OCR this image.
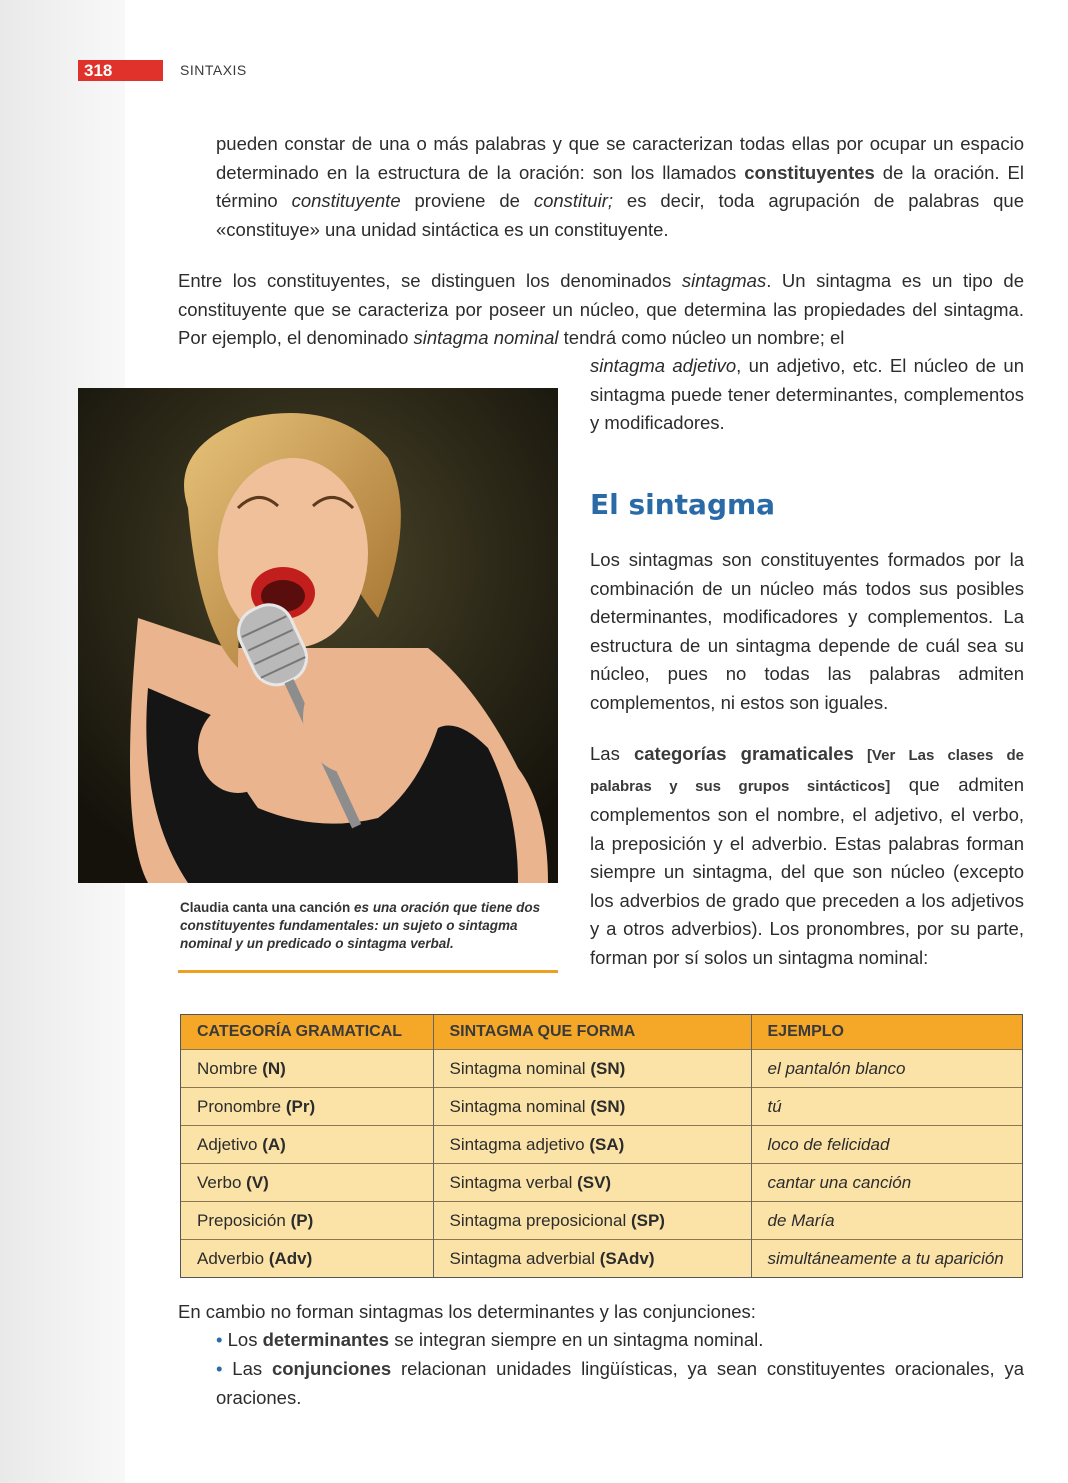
318	SINTAXIS

pueden constar de una o más palabras y que se caracterizan todas ellas por ocupar un espacio determinado en la estructura de la oración: son los llamados constituyentes de la oración. El término constituyente proviene de constituir; es decir, toda agrupación de palabras que «constituye» una unidad sintáctica es un constituyente.

Entre los constituyentes, se distinguen los denominados sintagmas. Un sintagma es un tipo de constituyente que se caracteriza por poseer un núcleo, que determina las propiedades del sintagma. Por ejemplo, el denominado sintagma nominal tendrá como núcleo un nombre; el

sintagma adjetivo, un adjetivo, etc. El núcleo de un sintagma puede tener determinantes, complementos y modificadores.

Claudia canta una canción es una oración que tiene dos constituyentes fundamentales: un sujeto o sintagma nominal y un predicado o sintagma verbal.

El sintagma

Los sintagmas son constituyentes formados por la combinación de un núcleo más todos sus posibles determinantes, modificadores y complementos. La estructura de un sintagma depende de cuál sea su núcleo, pues no todas las palabras admiten complementos, ni estos son iguales.

Las categorías gramaticales [Ver Las clases de palabras y sus grupos sintácticos] que admiten complementos son el nombre, el adjetivo, el verbo, la preposición y el adverbio. Estas palabras forman siempre un sintagma, del que son núcleo (excepto los adverbios de grado que preceden a los adjetivos y a otros adverbios). Los pronombres, por su parte, forman por sí solos un sintagma nominal:

CATEGORÍA GRAMATICAL	SINTAGMA QUE FORMA	EJEMPLO
Nombre (N)	Sintagma nominal (SN)	el pantalón blanco
Pronombre (Pr)	Sintagma nominal (SN)	tú
Adjetivo (A)	Sintagma adjetivo (SA)	loco de felicidad
Verbo (V)	Sintagma verbal (SV)	cantar una canción
Preposición (P)	Sintagma preposicional (SP)	de María
Adverbio (Adv)	Sintagma adverbial (SAdv)	simultáneamente a tu aparición

En cambio no forman sintagmas los determinantes y las conjunciones:

• Los determinantes se integran siempre en un sintagma nominal.

• Las conjunciones relacionan unidades lingüísticas, ya sean constituyentes oracionales, ya oraciones.
